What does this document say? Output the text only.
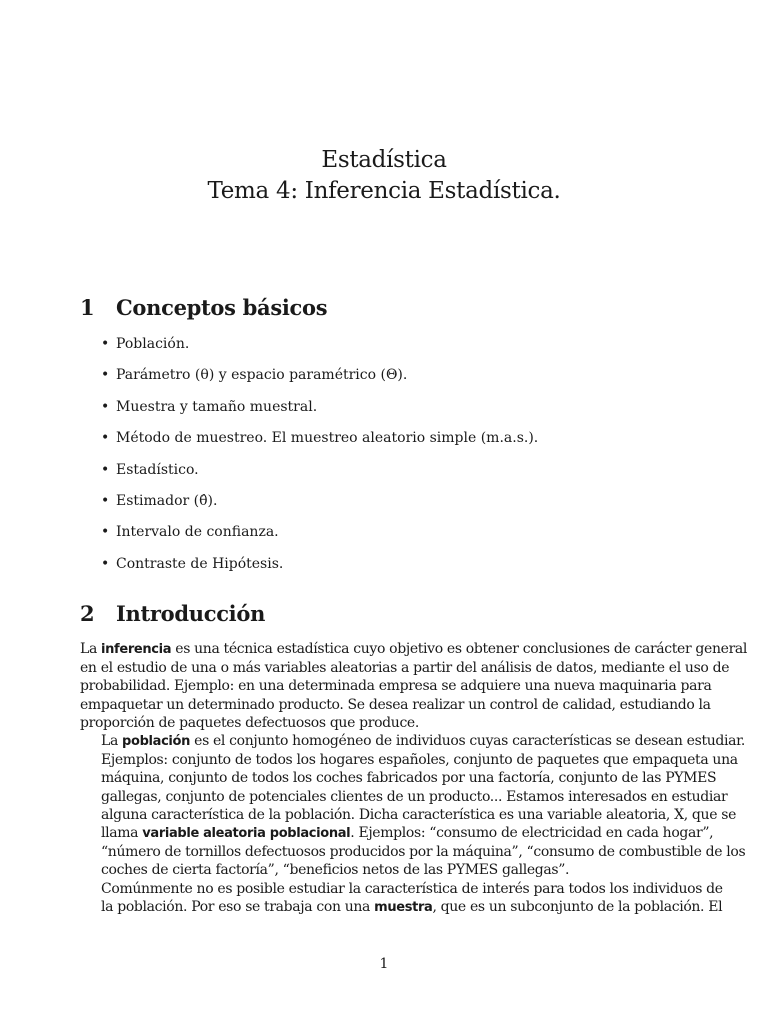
Estadística
Tema 4: Inferencia Estadística.
1 Conceptos básicos
• Población.
• Parámetro (θ) y espacio paramétrico (Θ).
• Muestra y tamaño muestral.
• Método de muestreo. El muestreo aleatorio simple (m.a.s.).
• Estadístico.
• Estimador (θ̂).
• Intervalo de confianza.
• Contraste de Hipótesis.
2 Introducción

La inferencia es una técnica estadística cuyo objetivo es obtener conclusiones de carácter general
en el estudio de una o más variables aleatorias a partir del análisis de datos, mediante el uso de
probabilidad. Ejemplo: en una determinada empresa se adquiere una nueva maquinaria para
empaquetar un determinado producto. Se desea realizar un control de calidad, estudiando la
proporción de paquetes defectuosos que produce.

La población es el conjunto homogéneo de individuos cuyas características se desean estudiar.
Ejemplos: conjunto de todos los hogares españoles, conjunto de paquetes que empaqueta una
máquina, conjunto de todos los coches fabricados por una factoría, conjunto de las PYMES
gallegas, conjunto de potenciales clientes de un producto... Estamos interesados en estudiar
alguna característica de la población. Dicha característica es una variable aleatoria, X, que se
llama variable aleatoria poblacional. Ejemplos: “consumo de electricidad en cada hogar”,
“número de tornillos defectuosos producidos por la máquina”, “consumo de combustible de los
coches de cierta factoría”, “beneficios netos de las PYMES gallegas”.

Comúnmente no es posible estudiar la característica de interés para todos los individuos de
la población. Por eso se trabaja con una muestra, que es un subconjunto de la población. El

1
